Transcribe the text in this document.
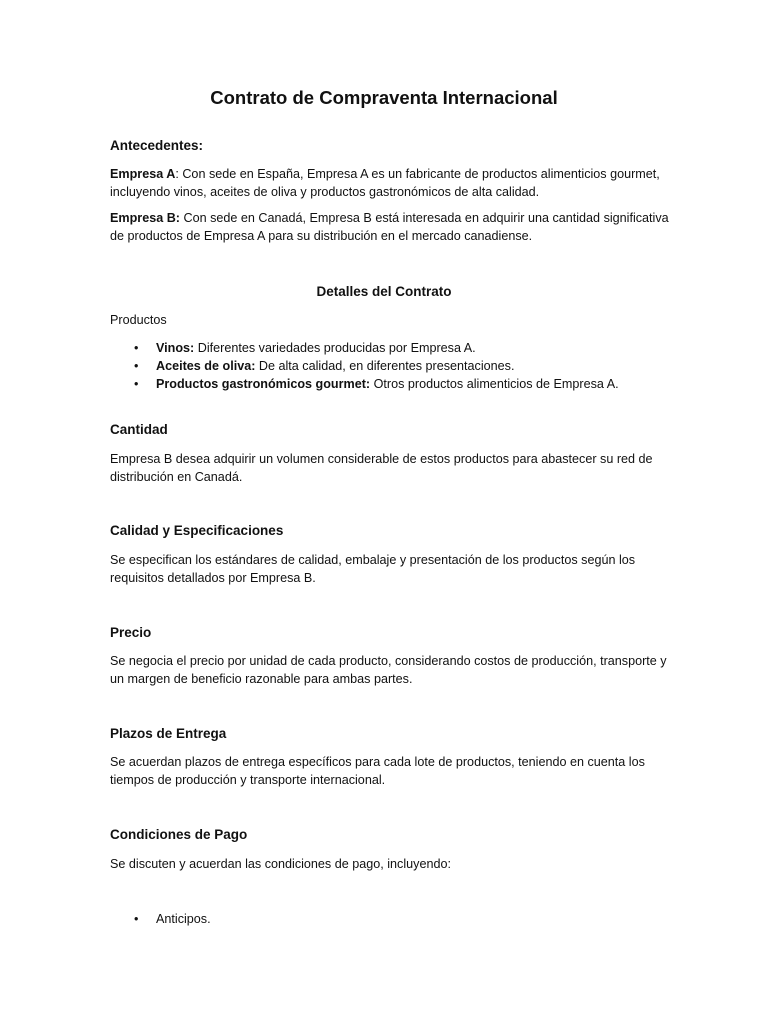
Contrato de Compraventa Internacional
Antecedentes:

Empresa A: Con sede en España, Empresa A es un fabricante de productos alimenticios gourmet, incluyendo vinos, aceites de oliva y productos gastronómicos de alta calidad.

Empresa B: Con sede en Canadá, Empresa B está interesada en adquirir una cantidad significativa de productos de Empresa A para su distribución en el mercado canadiense.

Detalles del Contrato

Productos

• Vinos: Diferentes variedades producidas por Empresa A.
• Aceites de oliva: De alta calidad, en diferentes presentaciones.
• Productos gastronómicos gourmet: Otros productos alimenticios de Empresa A.
Cantidad

Empresa B desea adquirir un volumen considerable de estos productos para abastecer su red de distribución en Canadá.

Calidad y Especificaciones

Se especifican los estándares de calidad, embalaje y presentación de los productos según los requisitos detallados por Empresa B.

Precio

Se negocia el precio por unidad de cada producto, considerando costos de producción, transporte y un margen de beneficio razonable para ambas partes.

Plazos de Entrega

Se acuerdan plazos de entrega específicos para cada lote de productos, teniendo en cuenta los tiempos de producción y transporte internacional.

Condiciones de Pago

Se discuten y acuerdan las condiciones de pago, incluyendo:

• Anticipos.
